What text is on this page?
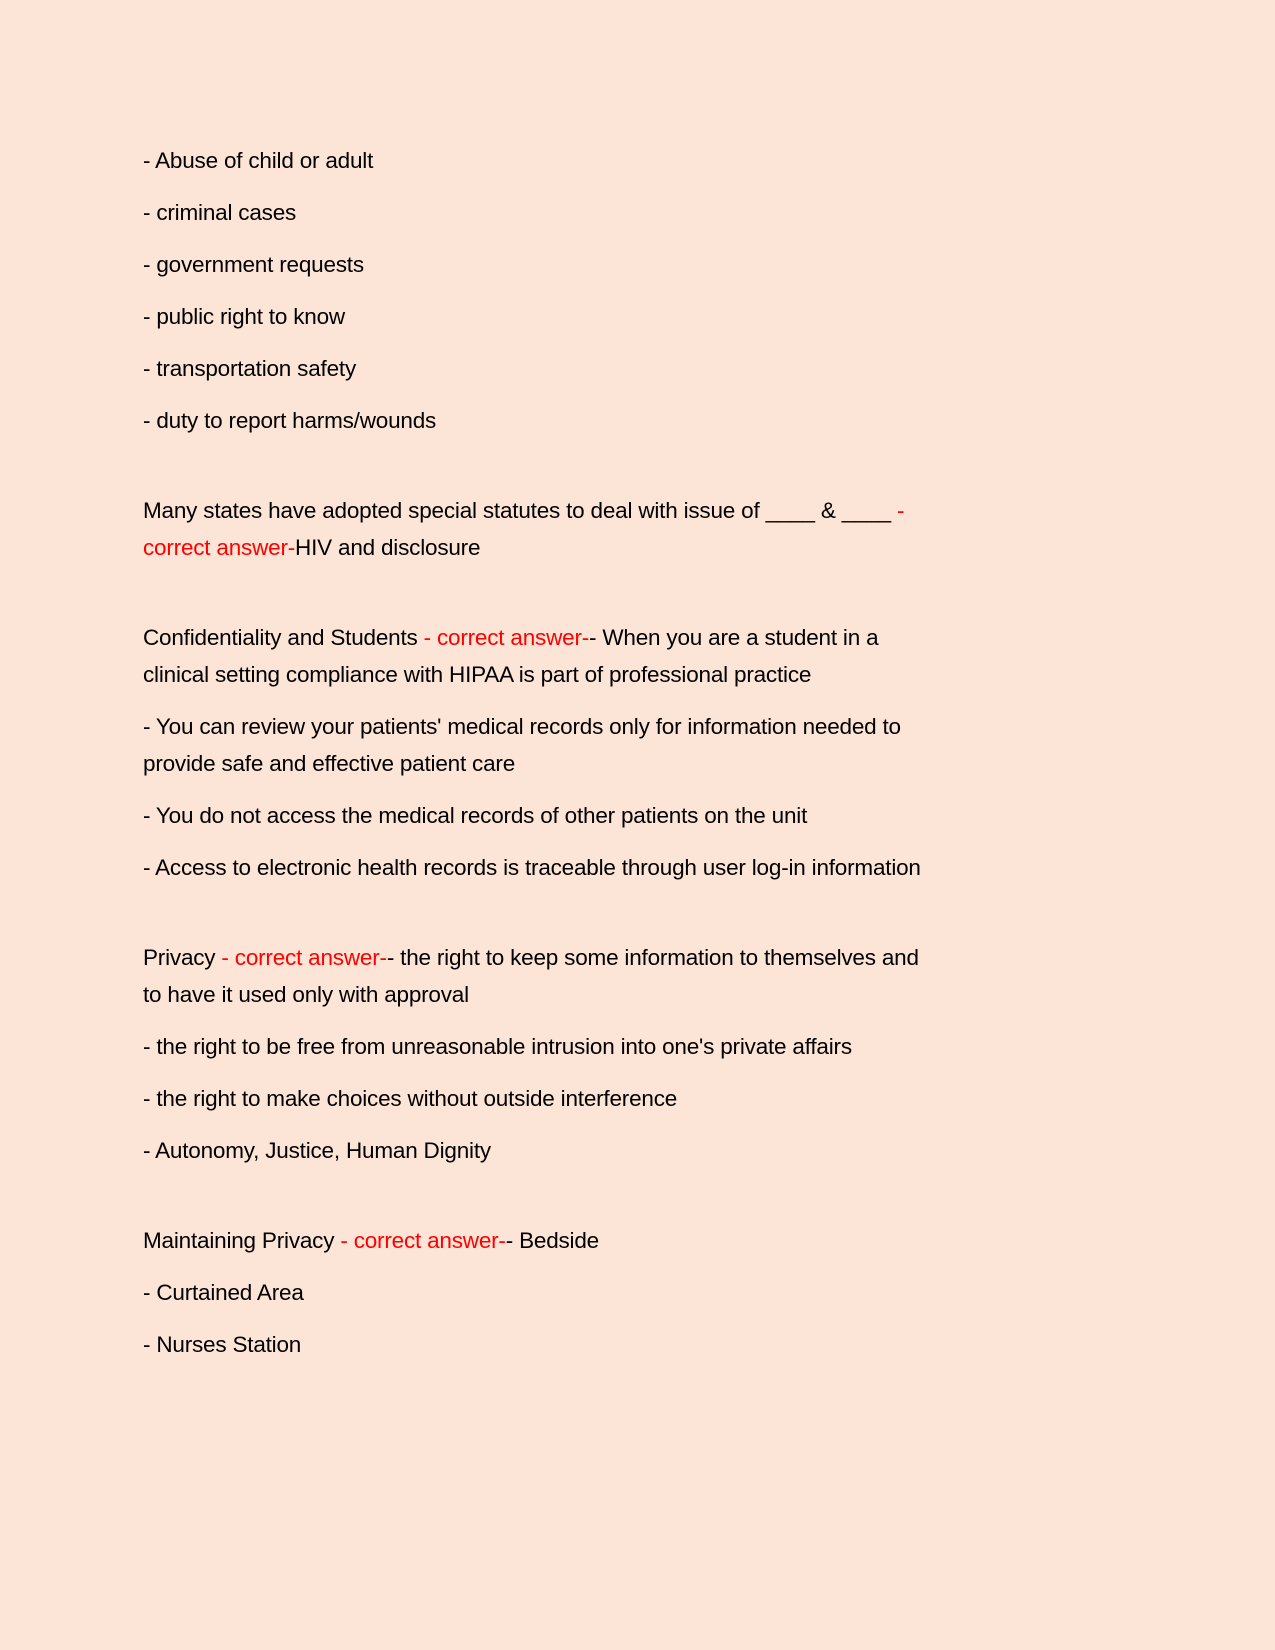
- Abuse of child or adult

- criminal cases

- government requests

- public right to know

- transportation safety

- duty to report harms/wounds

Many states have adopted special statutes to deal with issue of ____ & ____ -
correct answer-HIV and disclosure

Confidentiality and Students - correct answer-- When you are a student in a
clinical setting compliance with HIPAA is part of professional practice

- You can review your patients' medical records only for information needed to
provide safe and effective patient care

- You do not access the medical records of other patients on the unit

- Access to electronic health records is traceable through user log-in information

Privacy - correct answer-- the right to keep some information to themselves and
to have it used only with approval

- the right to be free from unreasonable intrusion into one's private affairs

- the right to make choices without outside interference

- Autonomy, Justice, Human Dignity

Maintaining Privacy - correct answer-- Bedside

- Curtained Area

- Nurses Station
